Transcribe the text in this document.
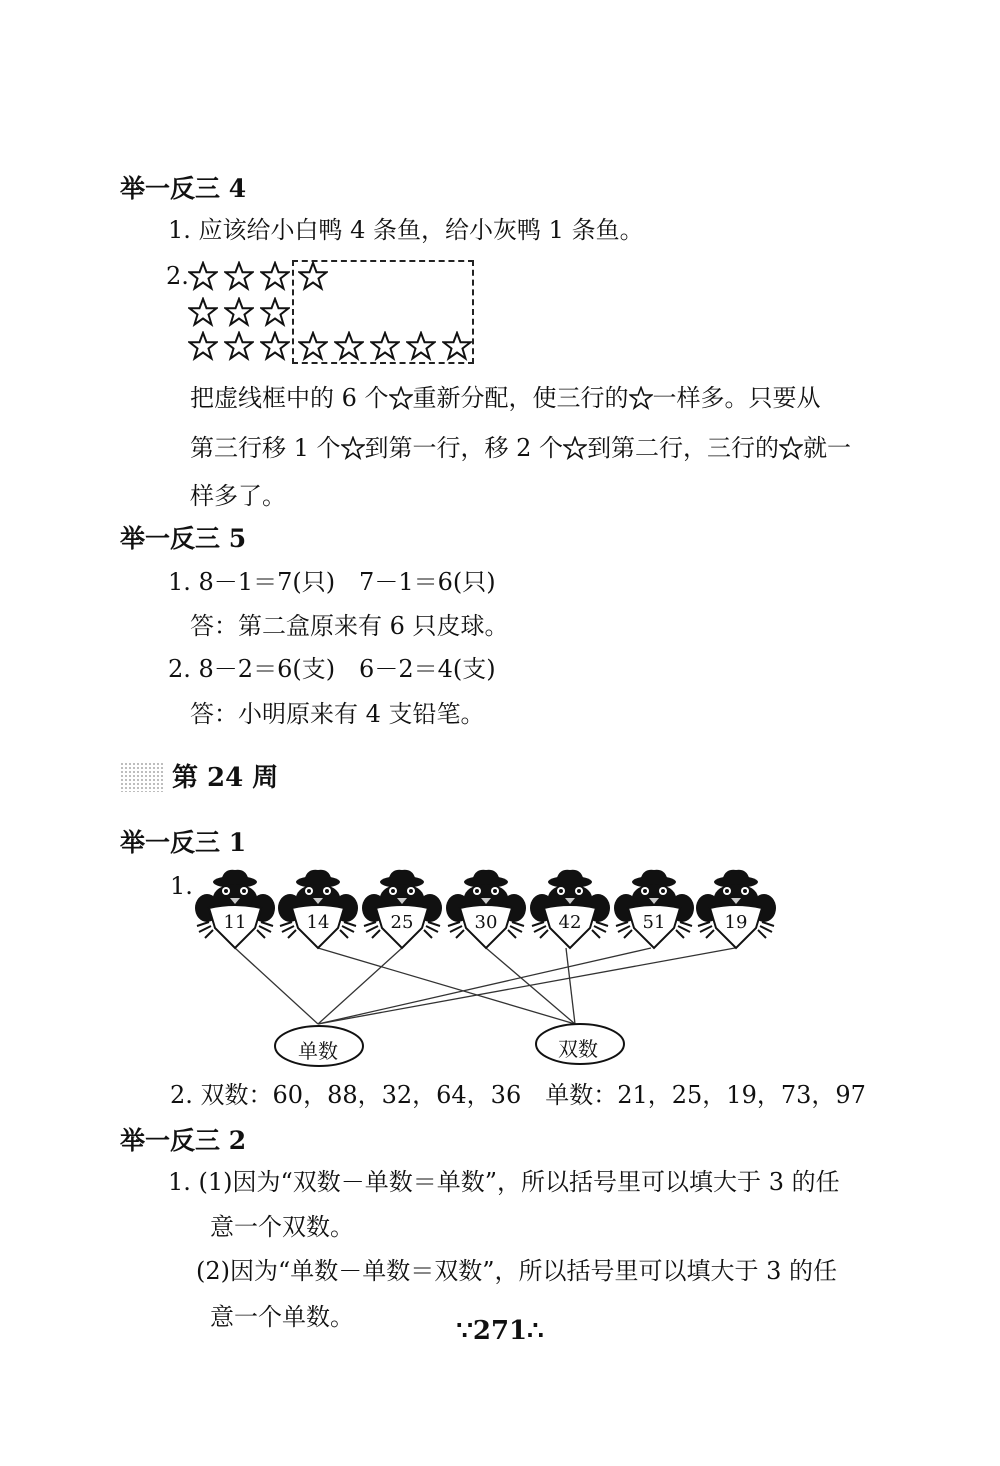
举一反三 4
1. 应该给小白鸭 4 条鱼，给小灰鸭 1 条鱼。
2.
把虚线框中的 6 个 重新分配，使三行的 一样多。只要从
第三行移 1 个 到第一行，移 2 个 到第二行，三行的 就一
样多了。
举一反三 5
1. 8－1＝7(只)　7－1＝6(只)
答：第二盒原来有 6 只皮球。
2. 8－2＝6(支)　6－2＝4(支)
答：小明原来有 4 支铅笔。
第 24 周
举一反三 1
1.
11	14	25	30	42	51	19
单数	双数
2. 双数：60，88，32，64，36　单数：21，25，19，73，97
举一反三 2
1. (1)因为“双数－单数＝单数”，所以括号里可以填大于 3 的任
意一个双数。
(2)因为“单数－单数＝双数”，所以括号里可以填大于 3 的任
意一个单数。	∵271∴
